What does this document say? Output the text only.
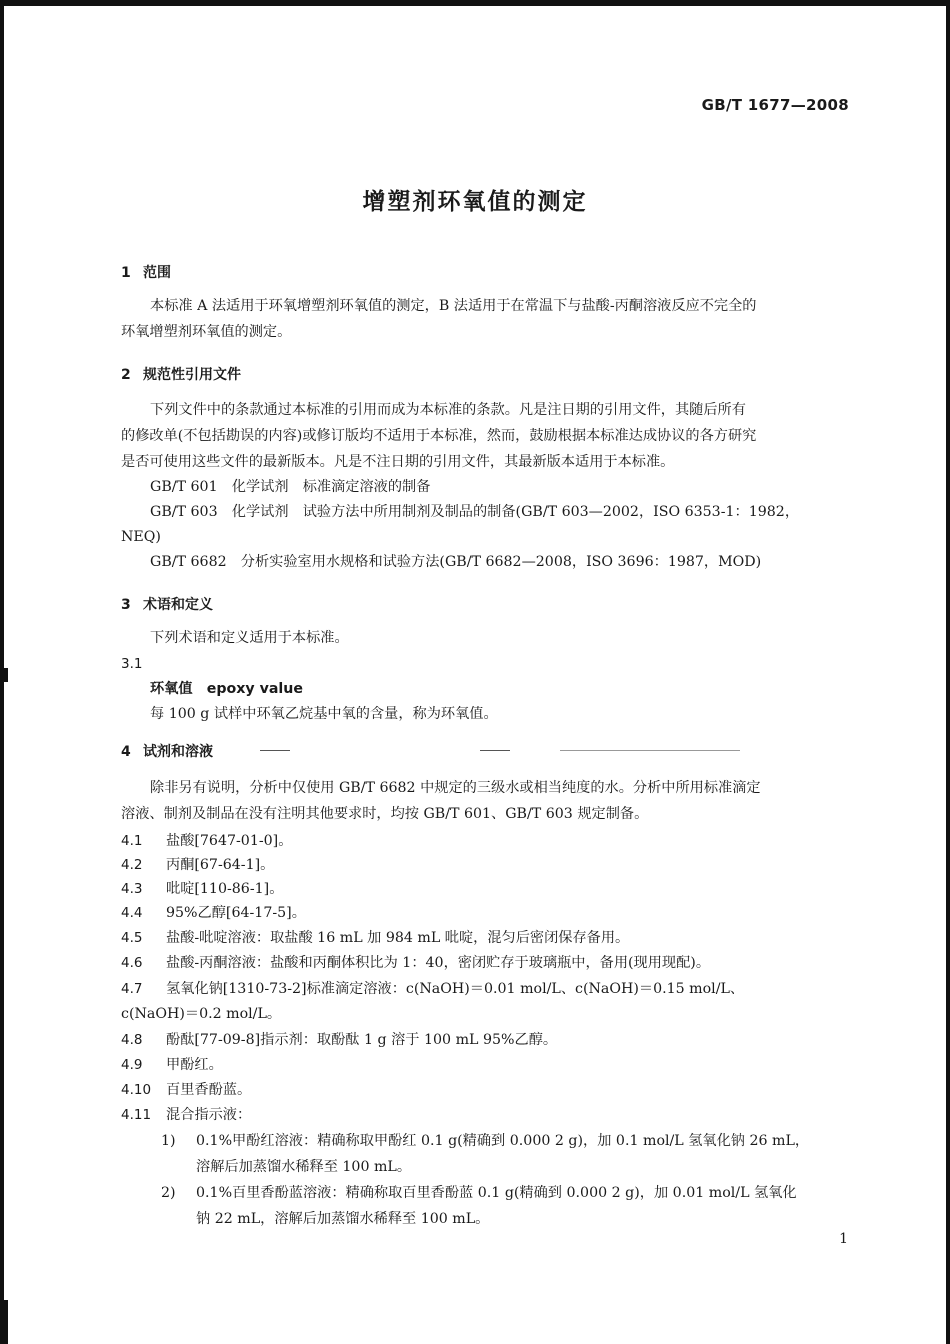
GB/T 1677—2008
增塑剂环氧值的测定
1 范围
本标准 A 法适用于环氧增塑剂环氧值的测定，B 法适用于在常温下与盐酸-丙酮溶液反应不完全的
环氧增塑剂环氧值的测定。
2 规范性引用文件
下列文件中的条款通过本标准的引用而成为本标准的条款。凡是注日期的引用文件，其随后所有
的修改单(不包括勘误的内容)或修订版均不适用于本标准，然而，鼓励根据本标准达成协议的各方研究
是否可使用这些文件的最新版本。凡是不注日期的引用文件，其最新版本适用于本标准。
GB/T 601　化学试剂　标准滴定溶液的制备
GB/T 603　化学试剂　试验方法中所用制剂及制品的制备(GB/T 603—2002，ISO 6353-1：1982，
NEQ)
GB/T 6682　分析实验室用水规格和试验方法(GB/T 6682—2008，ISO 3696：1987，MOD)
3 术语和定义
下列术语和定义适用于本标准。
3.1
环氧值　epoxy value
每 100 g 试样中环氧乙烷基中氧的含量，称为环氧值。
4 试剂和溶液
除非另有说明，分析中仅使用 GB/T 6682 中规定的三级水或相当纯度的水。分析中所用标准滴定
溶液、制剂及制品在没有注明其他要求时，均按 GB/T 601、GB/T 603 规定制备。
4.1 盐酸[7647-01-0]。
4.2 丙酮[67-64-1]。
4.3 吡啶[110-86-1]。
4.4 95%乙醇[64-17-5]。
4.5 盐酸-吡啶溶液：取盐酸 16 mL 加 984 mL 吡啶，混匀后密闭保存备用。
4.6 盐酸-丙酮溶液：盐酸和丙酮体积比为 1：40，密闭贮存于玻璃瓶中，备用(现用现配)。
4.7 氢氧化钠[1310-73-2]标准滴定溶液：c(NaOH)＝0.01 mol/L、c(NaOH)＝0.15 mol/L、
c(NaOH)＝0.2 mol/L。
4.8 酚酞[77-09-8]指示剂：取酚酞 1 g 溶于 100 mL 95%乙醇。
4.9 甲酚红。
4.10 百里香酚蓝。
4.11 混合指示液：
1) 0.1%甲酚红溶液：精确称取甲酚红 0.1 g(精确到 0.000 2 g)，加 0.1 mol/L 氢氧化钠 26 mL，
溶解后加蒸馏水稀释至 100 mL。
2) 0.1%百里香酚蓝溶液：精确称取百里香酚蓝 0.1 g(精确到 0.000 2 g)，加 0.01 mol/L 氢氧化
钠 22 mL，溶解后加蒸馏水稀释至 100 mL。
1
